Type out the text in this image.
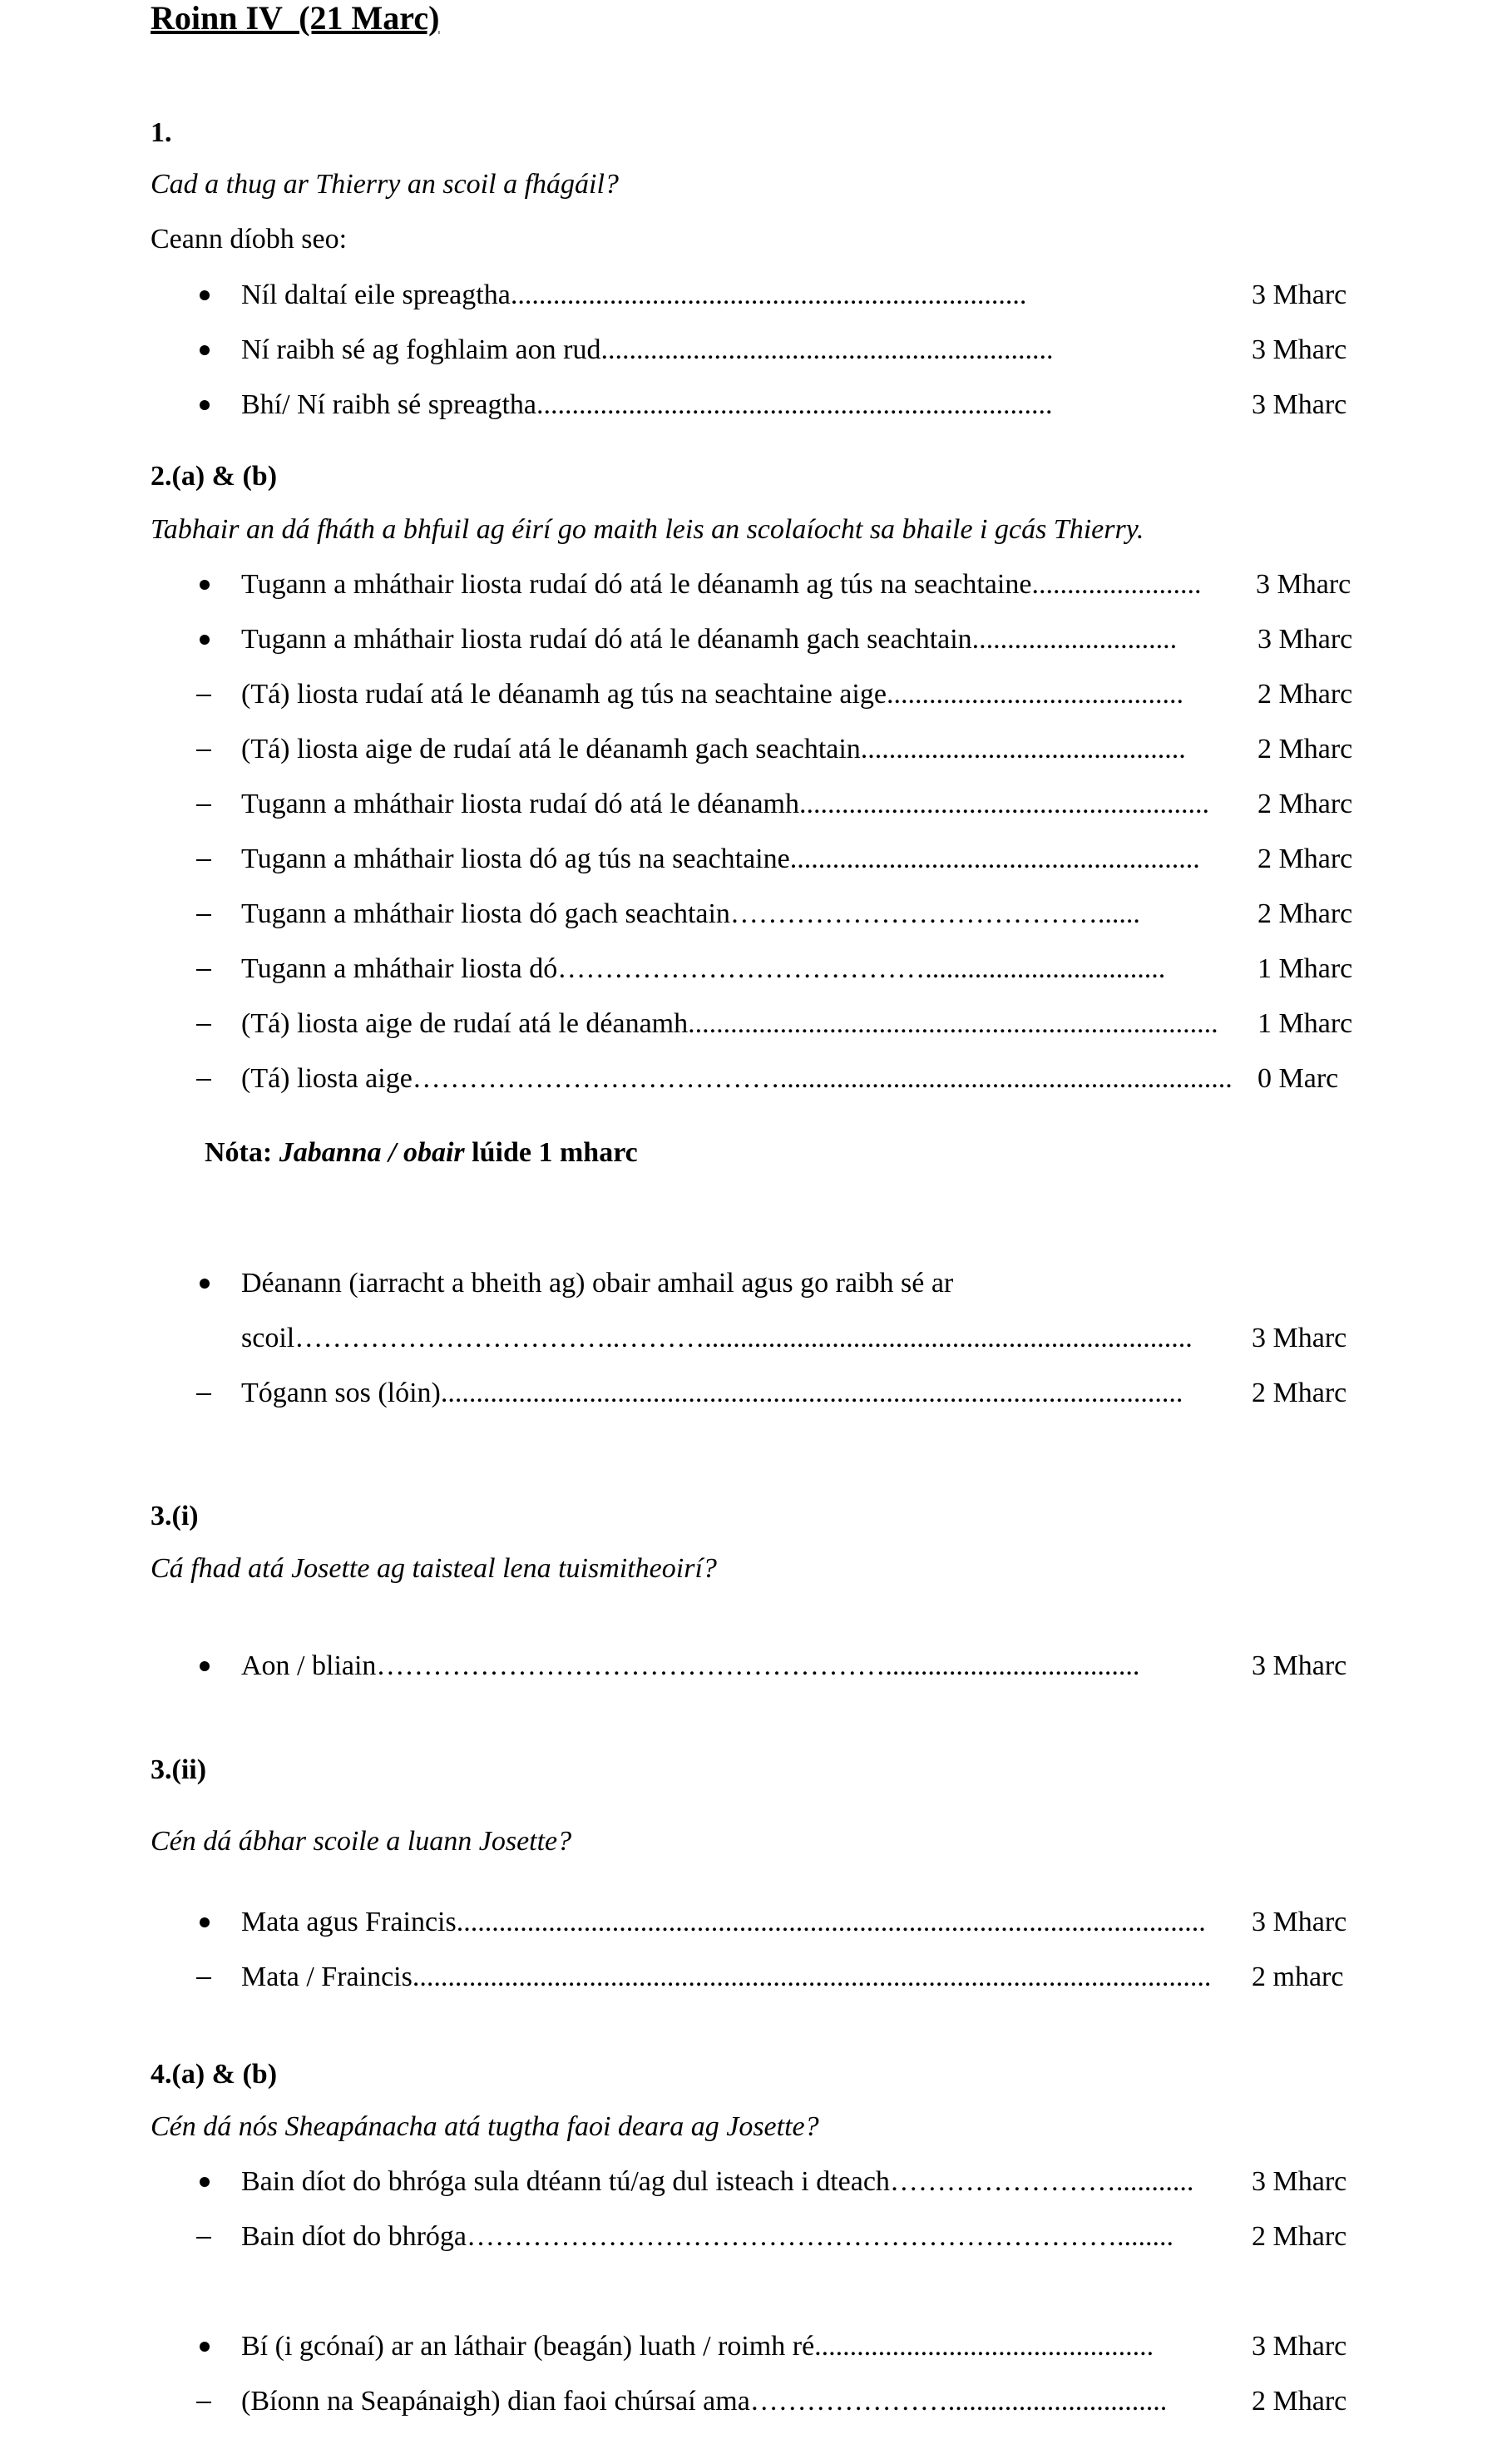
Roinn IV  (21 Marc)
1.
Cad a thug ar Thierry an scoil a fhágáil?
Ceann díobh seo:
Níl daltaí eile spreagtha.........................................................................	3 Mharc
Ní raibh sé ag foghlaim aon rud................................................................	3 Mharc
Bhí/ Ní raibh sé spreagtha.........................................................................	3 Mharc
2.(a) & (b)
Tabhair an dá fháth a bhfuil ag éirí go maith leis an scolaíocht sa bhaile i gcás Thierry.
Tugann a mháthair liosta rudaí dó atá le déanamh ag tús na seachtaine........................	3 Mharc
Tugann a mháthair liosta rudaí dó atá le déanamh gach seachtain.............................	3 Mharc
(Tá) liosta rudaí atá le déanamh ag tús na seachtaine aige..........................................	2 Mharc
(Tá) liosta aige de rudaí atá le déanamh gach seachtain..............................................	2 Mharc
Tugann a mháthair liosta rudaí dó atá le déanamh..........................................................	2 Mharc
Tugann a mháthair liosta dó ag tús na seachtaine..........................................................	2 Mharc
Tugann a mháthair liosta dó gach seachtain…………………………………......	2 Mharc
Tugann a mháthair liosta dó…………………………………..................................	1 Mharc
(Tá) liosta aige de rudaí atá le déanamh...........................................................................	1 Mharc
(Tá) liosta aige…………………………………................................................................ 0 Marc
Nóta: Jabanna / obair lúide 1 mharc
Déanann (iarracht a bheith ag) obair amhail agus go raibh sé ar
scoil……………………………..……….....................................................................	3 Mharc
Tógann sos (lóin).........................................................................................................	2 Mharc
3.(i)
Cá fhad atá Josette ag taisteal lena tuismitheoirí?
Aon / bliain………………………………………………....................................	3 Mharc
3.(ii)
Cén dá ábhar scoile a luann Josette?
Mata agus Fraincis..........................................................................................................	3 Mharc
Mata / Fraincis.................................................................................................................	2 mharc
4.(a) & (b)
Cén dá nós Sheapánacha atá tugtha faoi deara ag Josette?
Bain díot do bhróga sula dtéann tú/ag dul isteach i dteach……………………...........	3 Mharc
Bain díot do bhróga……………………………………………………………........	2 Mharc
Bí (i gcónaí) ar an láthair (beagán) luath / roimh ré................................................	3 Mharc
(Bíonn na Seapánaigh) dian faoi chúrsaí ama…………………...............................	2 Mharc
